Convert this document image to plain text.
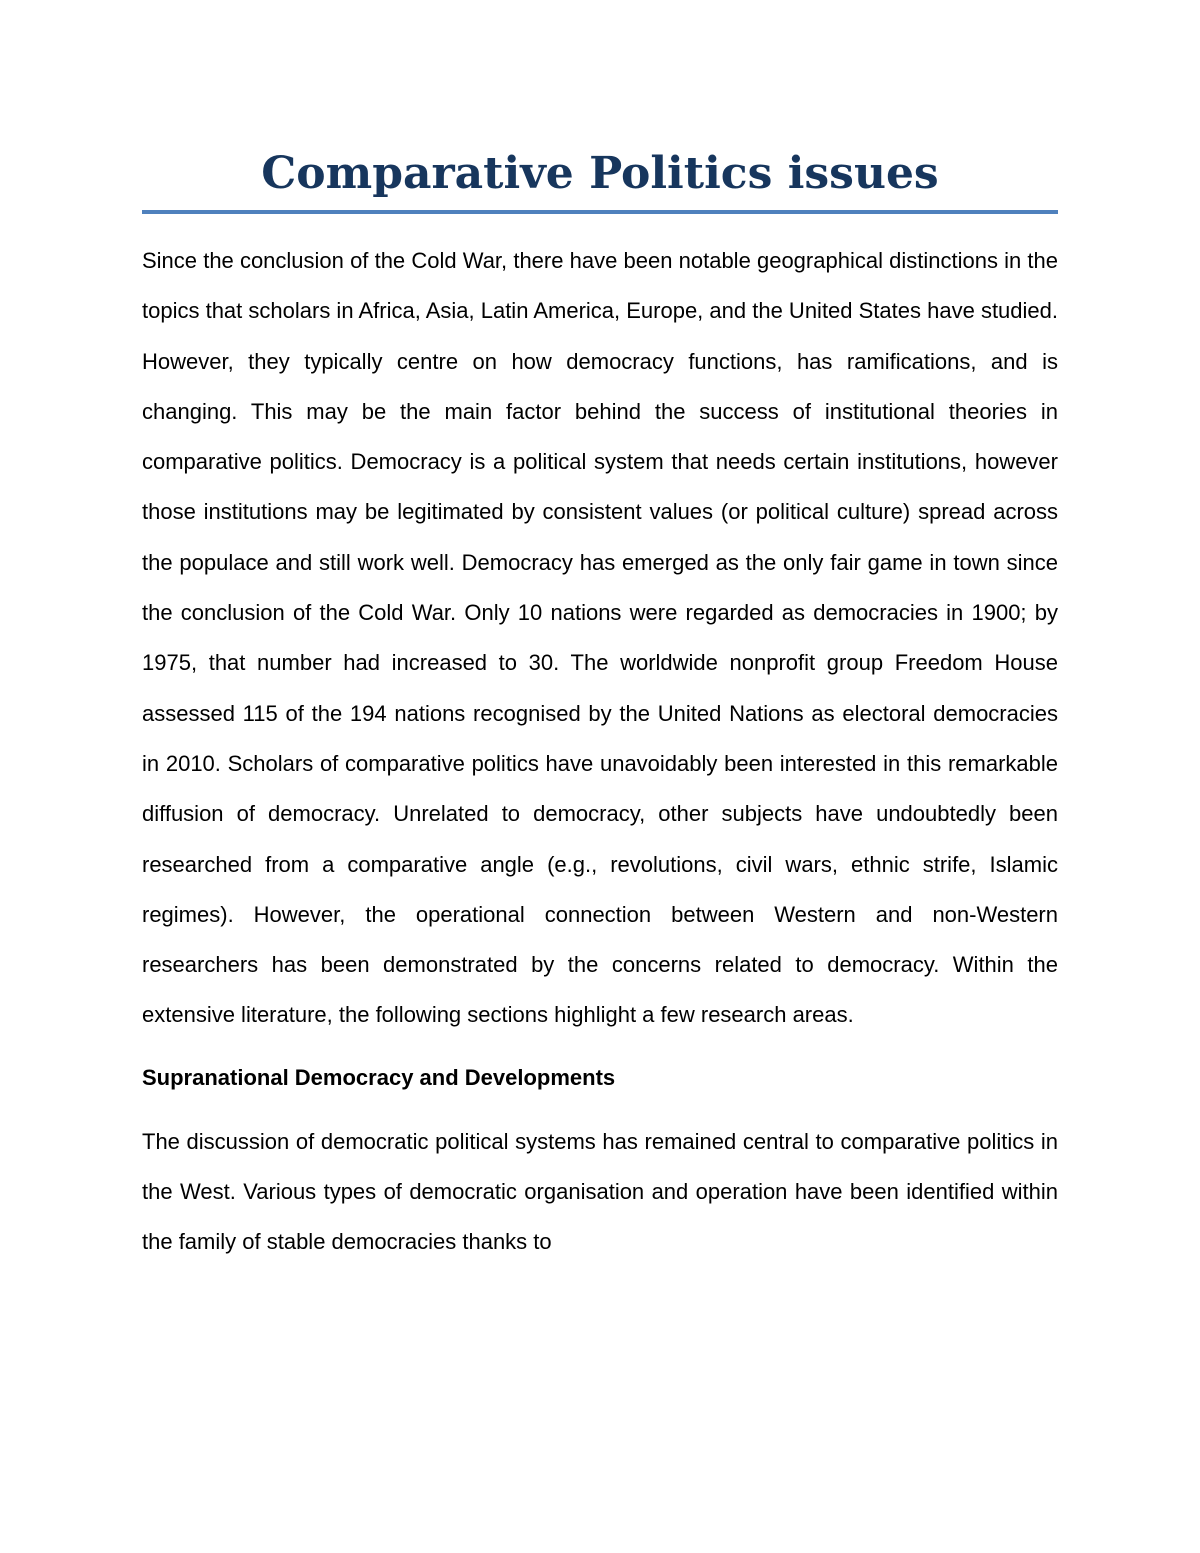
Comparative Politics issues

Since the conclusion of the Cold War, there have been notable geographical distinctions in the topics that scholars in Africa, Asia, Latin America, Europe, and the United States have studied. However, they typically centre on how democracy functions, has ramifications, and is changing. This may be the main factor behind the success of institutional theories in comparative politics. Democracy is a political system that needs certain institutions, however those institutions may be legitimated by consistent values (or political culture) spread across the populace and still work well. Democracy has emerged as the only fair game in town since the conclusion of the Cold War. Only 10 nations were regarded as democracies in 1900; by 1975, that number had increased to 30. The worldwide nonprofit group Freedom House assessed 115 of the 194 nations recognised by the United Nations as electoral democracies in 2010. Scholars of comparative politics have unavoidably been interested in this remarkable diffusion of democracy. Unrelated to democracy, other subjects have undoubtedly been researched from a comparative angle (e.g., revolutions, civil wars, ethnic strife, Islamic regimes). However, the operational connection between Western and non-Western researchers has been demonstrated by the concerns related to democracy. Within the extensive literature, the following sections highlight a few research areas.

Supranational Democracy and Developments

The discussion of democratic political systems has remained central to comparative politics in the West. Various types of democratic organisation and operation have been identified within the family of stable democracies thanks to
